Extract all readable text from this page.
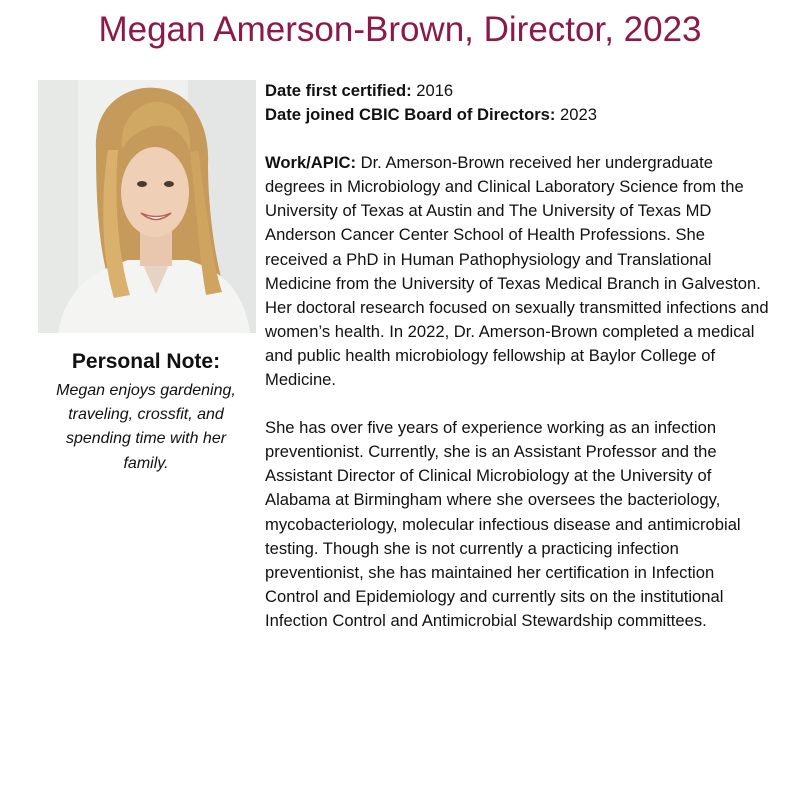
Megan Amerson-Brown, Director, 2023
Personal Note:
Megan enjoys gardening, traveling, crossfit, and spending time with her family.

Date first certified: 2016

Date joined CBIC Board of Directors: 2023

Work/APIC: Dr. Amerson-Brown received her undergraduate degrees in Microbiology and Clinical Laboratory Science from the University of Texas at Austin and The University of Texas MD Anderson Cancer Center School of Health Professions. She received a PhD in Human Pathophysiology and Translational Medicine from the University of Texas Medical Branch in Galveston. Her doctoral research focused on sexually transmitted infections and women’s health. In 2022, Dr. Amerson-Brown completed a medical and public health microbiology fellowship at Baylor College of Medicine.

She has over five years of experience working as an infection preventionist. Currently, she is an Assistant Professor and the Assistant Director of Clinical Microbiology at the University of Alabama at Birmingham where she oversees the bacteriology, mycobacteriology, molecular infectious disease and antimicrobial testing. Though she is not currently a practicing infection preventionist, she has maintained her certification in Infection Control and Epidemiology and currently sits on the institutional Infection Control and Antimicrobial Stewardship committees.
